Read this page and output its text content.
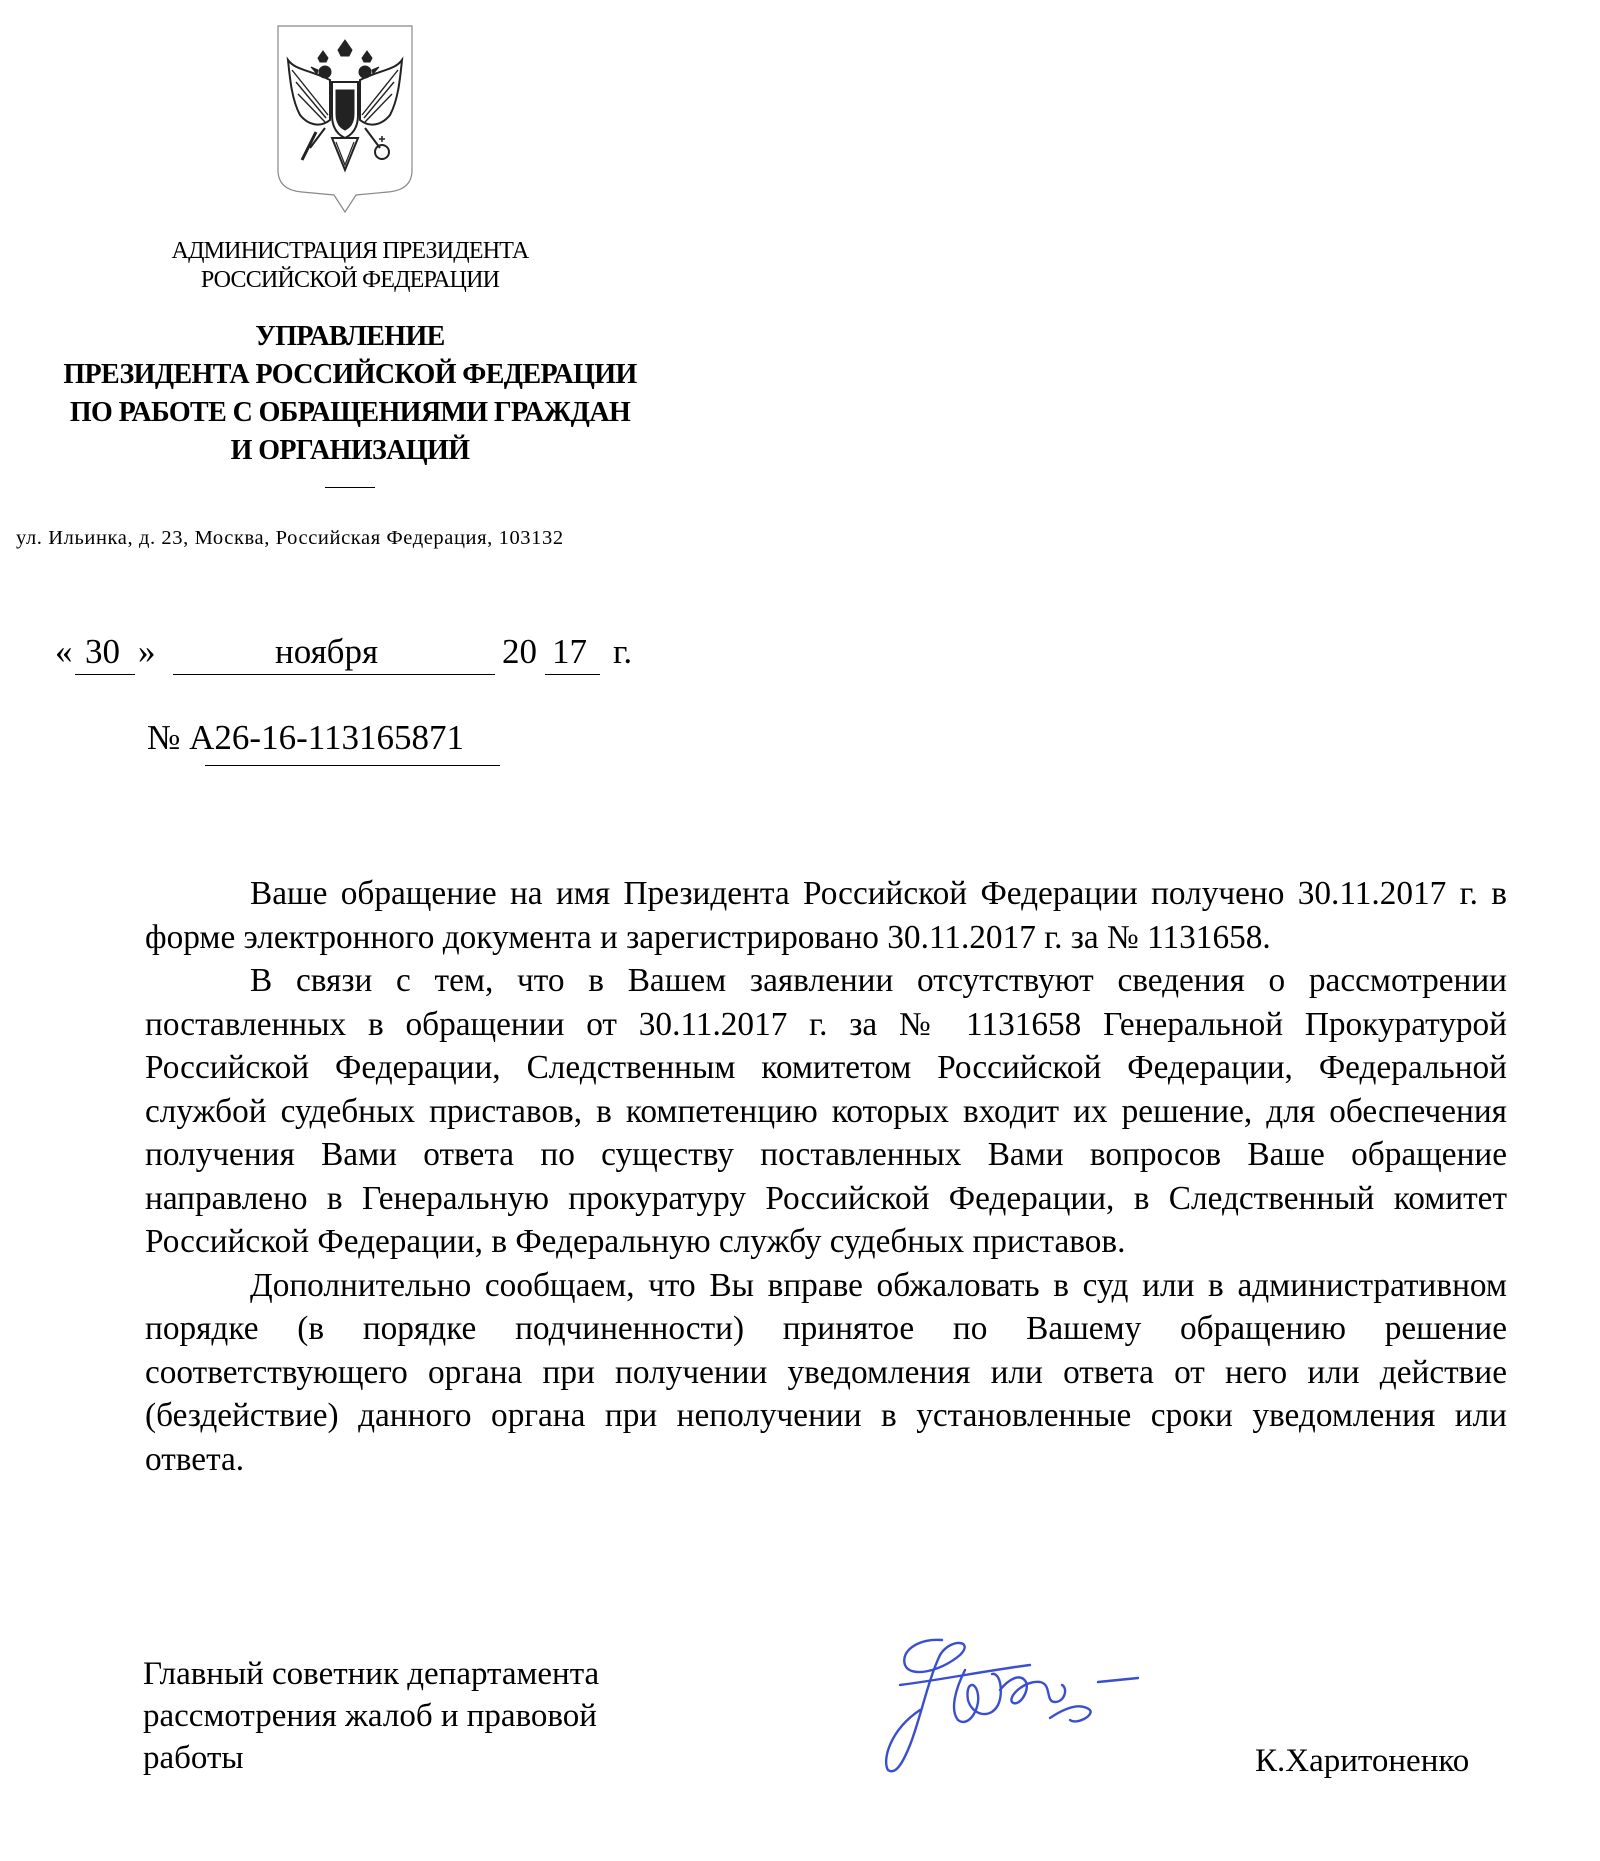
АДМИНИСТРАЦИЯ ПРЕЗИДЕНТА
РОССИЙСКОЙ ФЕДЕРАЦИИ
УПРАВЛЕНИЕ
ПРЕЗИДЕНТА РОССИЙСКОЙ ФЕДЕРАЦИИ
ПО РАБОТЕ С ОБРАЩЕНИЯМИ ГРАЖДАН
И ОРГАНИЗАЦИЙ
ул. Ильинка, д. 23, Москва, Российская Федерация, 103132
« 30 »	ноября	20 17 г.
№ А26-16-113165871

Ваше обращение на имя Президента Российской Федерации получено 30.11.2017 г. в форме электронного документа и зарегистрировано 30.11.2017 г. за № 1131658.

В связи с тем, что в Вашем заявлении отсутствуют сведения о рассмотрении поставленных в обращении от 30.11.2017 г. за № 1131658 Генеральной Прокуратурой Российской Федерации, Следственным комитетом Российской Федерации, Федеральной службой судебных приставов, в компетенцию которых входит их решение, для обеспечения получения Вами ответа по существу поставленных Вами вопросов Ваше обращение направлено в Генеральную прокуратуру Российской Федерации, в Следственный комитет Российской Федерации, в Федеральную службу судебных приставов.

Дополнительно сообщаем, что Вы вправе обжаловать в суд или в административном порядке (в порядке подчиненности) принятое по Вашему обращению решение соответствующего органа при получении уведомления или ответа от него или действие (бездействие) данного органа при неполучении в установленные сроки уведомления или ответа.

Главный советник департамента
рассмотрения жалоб и правовой
работы	К.Харитоненко
